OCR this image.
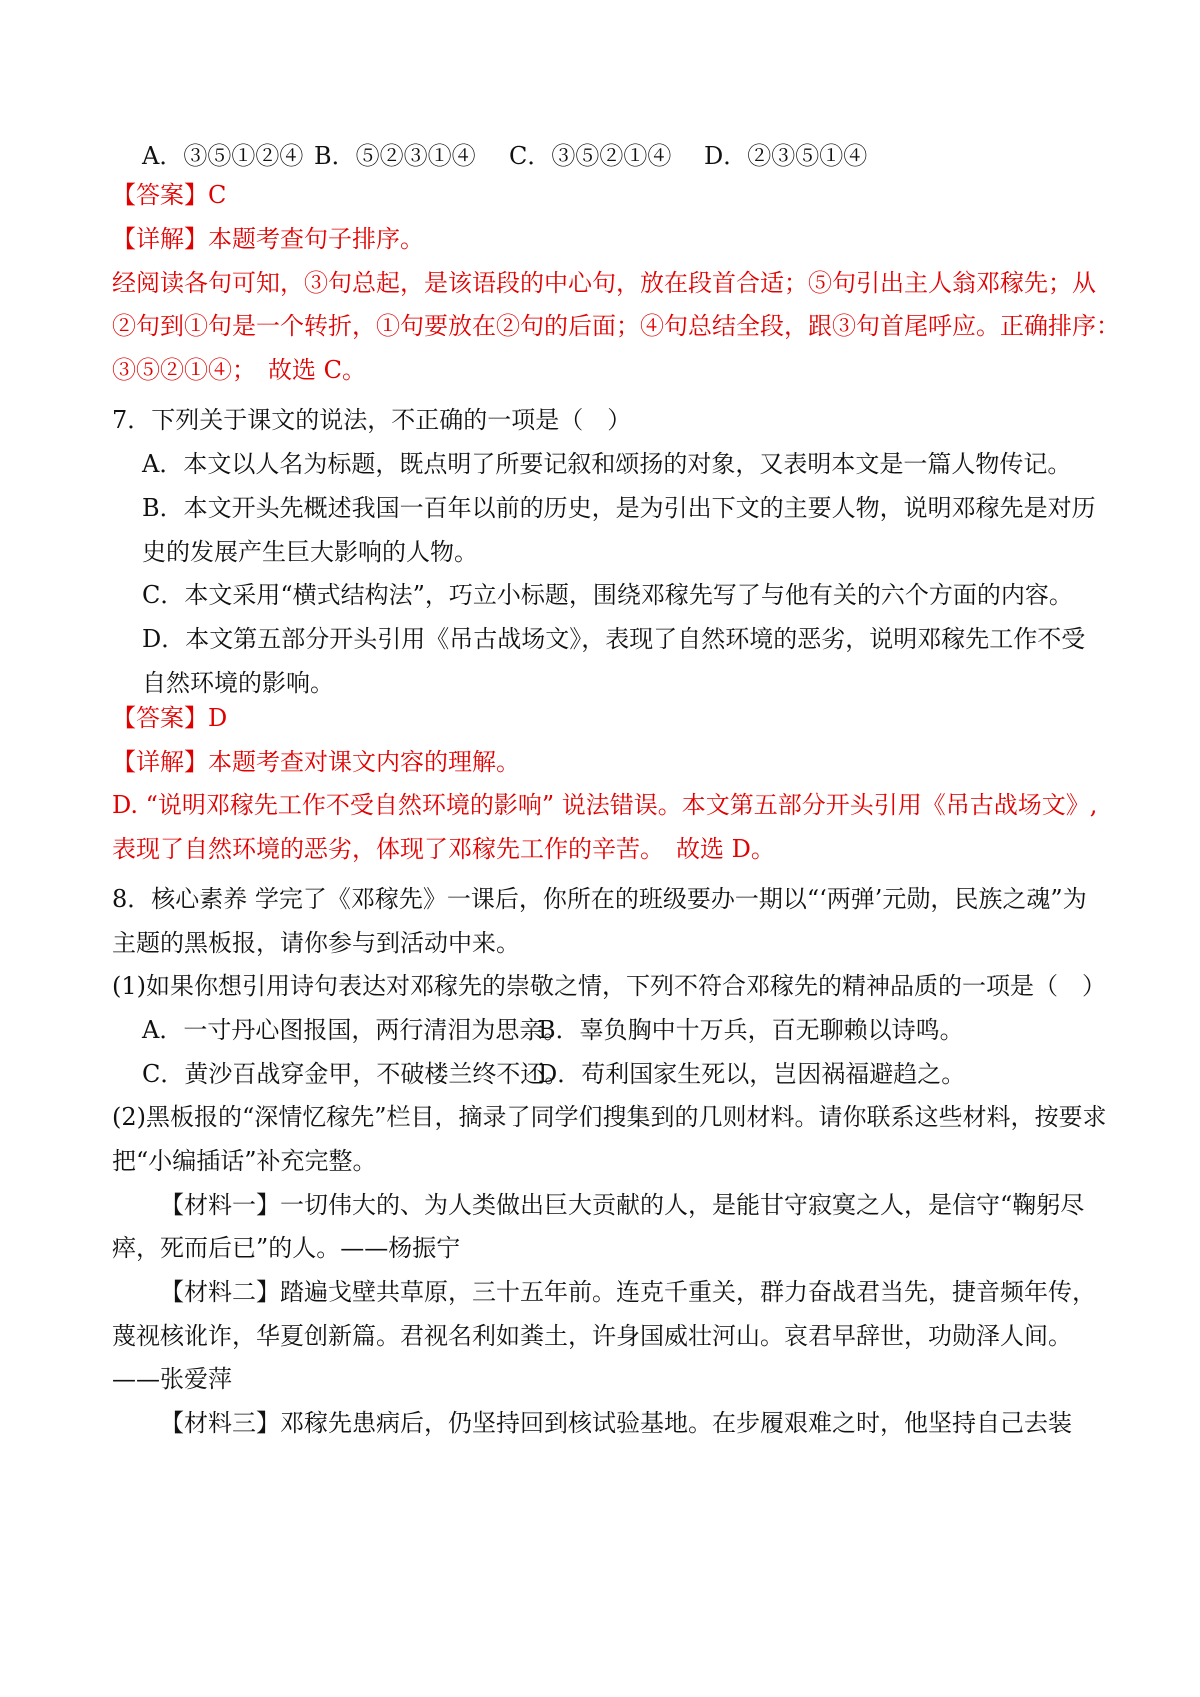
A．③⑤①②④ B．⑤②③①④ C．③⑤②①④ D．②③⑤①④
【答案】C
【详解】本题考查句子排序。
经阅读各句可知，③句总起，是该语段的中心句，放在段首合适；⑤句引出主人翁邓稼先；从
②句到①句是一个转折，①句要放在②句的后面；④句总结全段，跟③句首尾呼应。正确排序：
③⑤②①④；　故选 C。
7．下列关于课文的说法，不正确的一项是（　）
A．本文以人名为标题，既点明了所要记叙和颂扬的对象，又表明本文是一篇人物传记。
B．本文开头先概述我国一百年以前的历史，是为引出下文的主要人物，说明邓稼先是对历
史的发展产生巨大影响的人物。
C．本文采用“横式结构法”，巧立小标题，围绕邓稼先写了与他有关的六个方面的内容。
D．本文第五部分开头引用《吊古战场文》，表现了自然环境的恶劣，说明邓稼先工作不受
自然环境的影响。
【答案】D
【详解】本题考查对课文内容的理解。
D. “说明邓稼先工作不受自然环境的影响” 说法错误。本文第五部分开头引用《吊古战场文》,
表现了自然环境的恶劣，体现了邓稼先工作的辛苦。　故选 D。
8．核心素养 学完了《邓稼先》一课后，你所在的班级要办一期以“‘两弹’元勋，民族之魂”为
主题的黑板报，请你参与到活动中来。
(1)如果你想引用诗句表达对邓稼先的崇敬之情，下列不符合邓稼先的精神品质的一项是（　）
A．一寸丹心图报国，两行清泪为思亲。B．辜负胸中十万兵，百无聊赖以诗鸣。
C．黄沙百战穿金甲，不破楼兰终不还。D．苟利国家生死以，岂因祸福避趋之。
(2)黑板报的“深情忆稼先”栏目，摘录了同学们搜集到的几则材料。请你联系这些材料，按要求
把“小编插话”补充完整。
【材料一】一切伟大的、为人类做出巨大贡献的人，是能甘守寂寞之人，是信守“鞠躬尽
瘁，死而后已”的人。——杨振宁
【材料二】踏遍戈壁共草原，三十五年前。连克千重关，群力奋战君当先，捷音频年传，
蔑视核讹诈，华夏创新篇。君视名利如粪土，许身国威壮河山。哀君早辞世，功勋泽人间。
——张爱萍
【材料三】邓稼先患病后，仍坚持回到核试验基地。在步履艰难之时，他坚持自己去装
